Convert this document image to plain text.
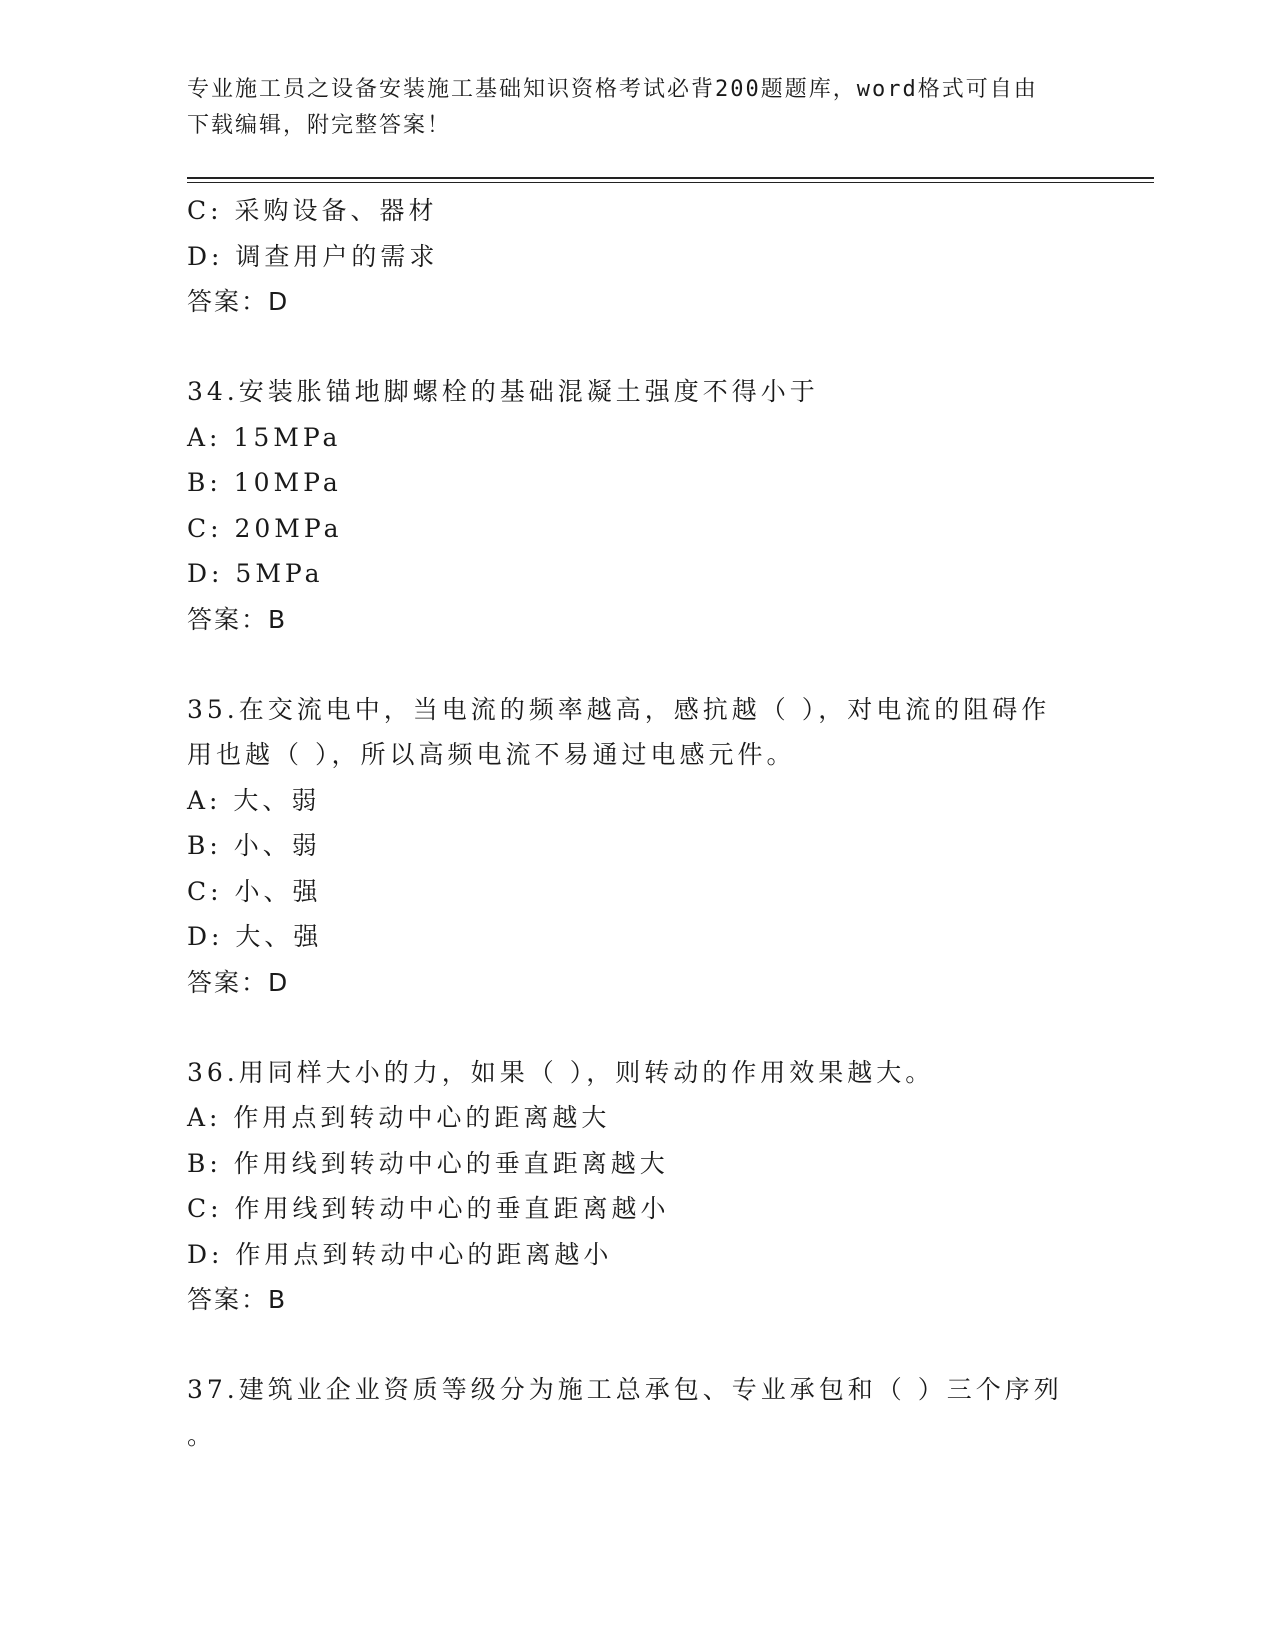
专业施工员之设备安装施工基础知识资格考试必背200题题库，word格式可自由
下载编辑，附完整答案！
C: 采购设备、器材
D: 调查用户的需求
答案：D
34.安装胀锚地脚螺栓的基础混凝土强度不得小于
A: 15MPa
B: 10MPa
C: 20MPa
D: 5MPa
答案：B
35.在交流电中，当电流的频率越高，感抗越（ ），对电流的阻碍作
用也越（ ），所以高频电流不易通过电感元件。
A: 大、弱
B: 小、弱
C: 小、强
D: 大、强
答案：D
36.用同样大小的力，如果（ ），则转动的作用效果越大。
A: 作用点到转动中心的距离越大
B: 作用线到转动中心的垂直距离越大
C: 作用线到转动中心的垂直距离越小
D: 作用点到转动中心的距离越小
答案：B
37.建筑业企业资质等级分为施工总承包、专业承包和（ ）三个序列
。
